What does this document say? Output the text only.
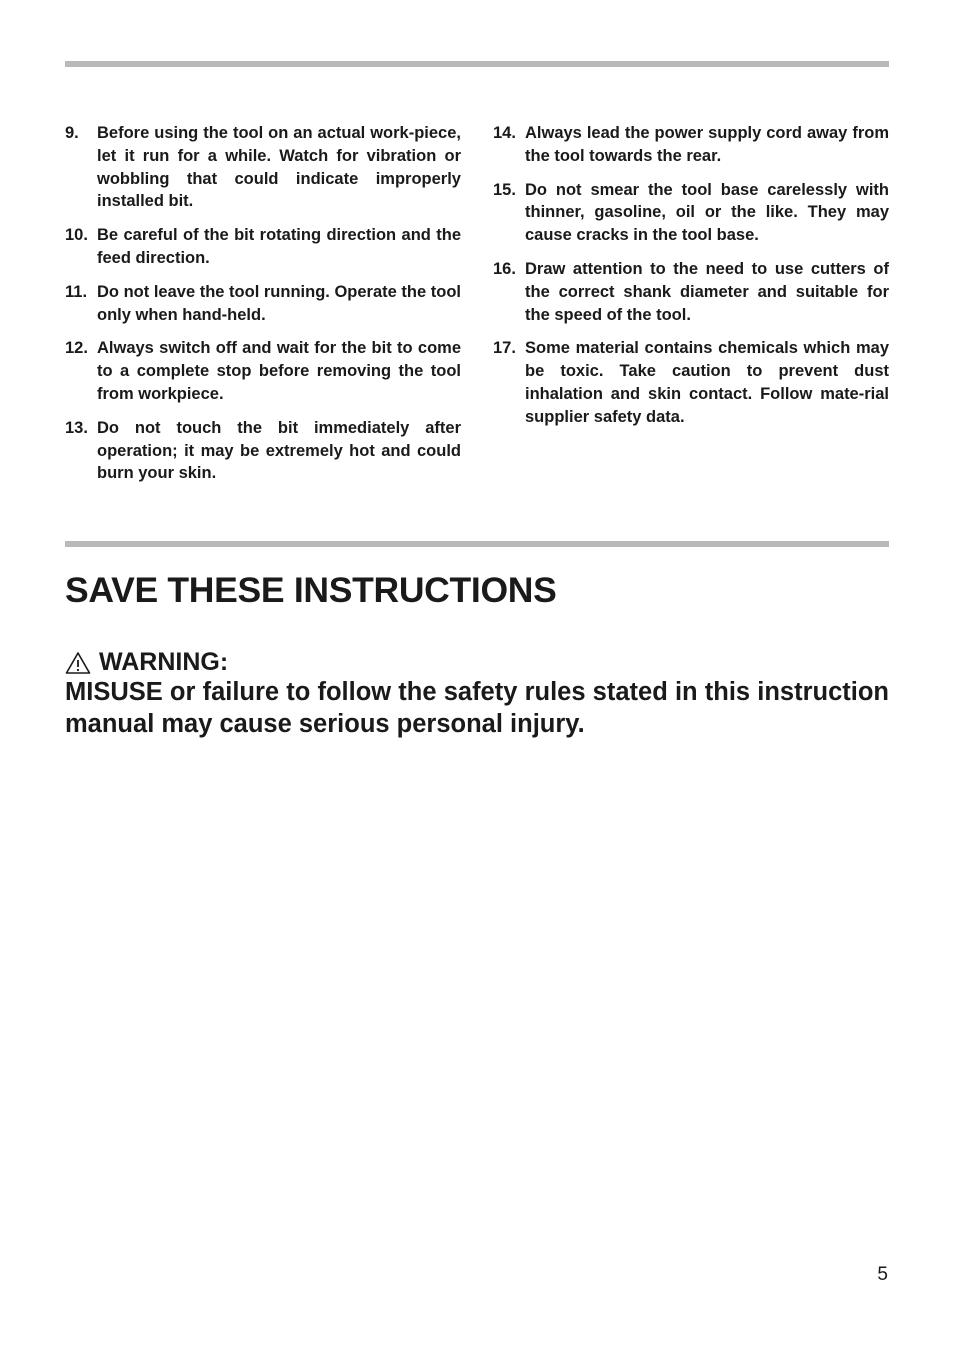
9.	Before using the tool on an actual work-piece, let it run for a while. Watch for vibration or wobbling that could indicate improperly installed bit.
10. Be careful of the bit rotating direction and the feed direction.
11. Do not leave the tool running. Operate the tool only when hand-held.
12. Always switch off and wait for the bit to come to a complete stop before removing the tool from workpiece.
13. Do not touch the bit immediately after operation; it may be extremely hot and could burn your skin.
14. Always lead the power supply cord away from the tool towards the rear.
15. Do not smear the tool base carelessly with thinner, gasoline, oil or the like. They may cause cracks in the tool base.
16. Draw attention to the need to use cutters of the correct shank diameter and suitable for the speed of the tool.
17. Some material contains chemicals which may be toxic. Take caution to prevent dust inhalation and skin contact. Follow mate-rial supplier safety data.
SAVE THESE INSTRUCTIONS
WARNING:

MISUSE or failure to follow the safety rules stated in this instruction manual may cause serious personal injury.

5
